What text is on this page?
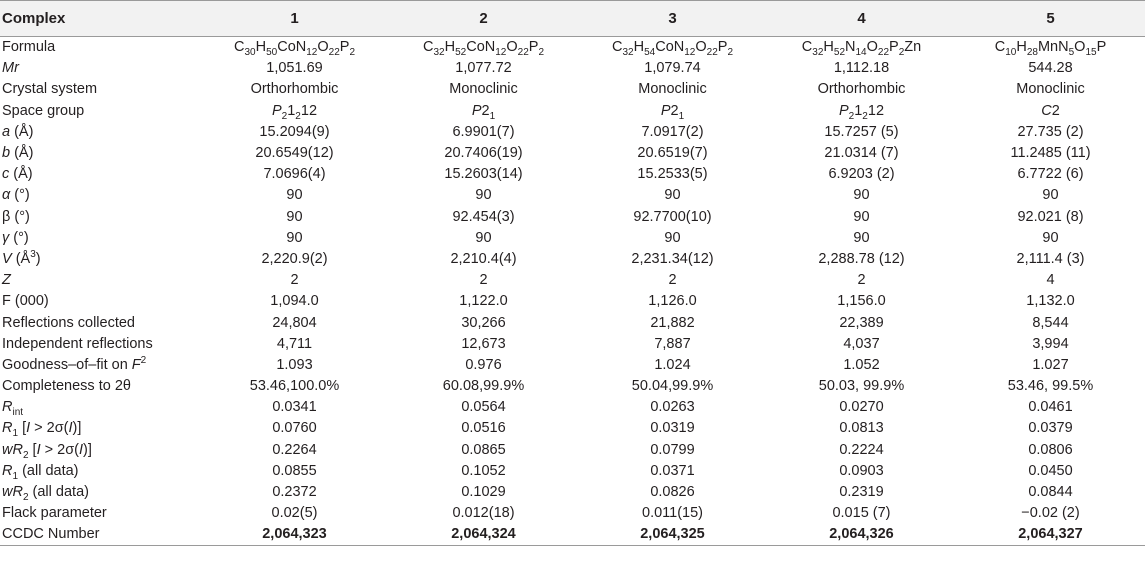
Complex	1	2	3	4	5
Formula	$C_{30}H_{50}CoN_{12}O_{22}P_2$	$C_{32}H_{52}CoN_{12}O_{22}P_2$	$C_{32}H_{54}CoN_{12}O_{22}P_2$	$C_{32}H_{52}N_{14}O_{22}P_2Zn$	$C_{10}H_{28}MnN_5O_{15}P$
Mr	1,051.69	1,077.72	1,079.74	1,112.18	544.28
Crystal system	Orthorhombic	Monoclinic	Monoclinic	Orthorhombic	Monoclinic
Space group	$P_21_212$	$P2_1$	$P2_1$	$P_21_212$	C2
a (Å)	15.2094(9)	6.9901(7)	7.0917(2)	15.7257 (5)	27.735 (2)
b (Å)	20.6549(12)	20.7406(19)	20.6519(7)	21.0314 (7)	11.2485 (11)
c (Å)	7.0696(4)	15.2603(14)	15.2533(5)	6.9203 (2)	6.7722 (6)
α (°)	90	90	90	90	90
β (°)	90	92.454(3)	92.7700(10)	90	92.021 (8)
γ (°)	90	90	90	90	90
V $(Å^3)$	2,220.9(2)	2,210.4(4)	2,231.34(12)	2,288.78 (12)	2,111.4 (3)
Z	2	2	2	2	4
F (000)	1,094.0	1,122.0	1,126.0	1,156.0	1,132.0
Reflections collected	24,804	30,266	21,882	22,389	8,544
Independent reflections	4,711	12,673	7,887	4,037	3,994
Goodness–of–fit on $F^2$	1.093	0.976	1.024	1.052	1.027
Completeness to 2θ	53.46,100.0%	60.08,99.9%	50.04,99.9%	50.03, 99.9%	53.46, 99.5%
$R_{int}$	0.0341	0.0564	0.0263	0.0270	0.0461
$R_1$ [I > 2σ(I)]	0.0760	0.0516	0.0319	0.0813	0.0379
$wR_2$ [I > 2σ(I)]	0.2264	0.0865	0.0799	0.2224	0.0806
$R_1$ (all data)	0.0855	0.1052	0.0371	0.0903	0.0450
$wR_2$ (all data)	0.2372	0.1029	0.0826	0.2319	0.0844
Flack parameter	0.02(5)	0.012(18)	0.011(15)	0.015 (7)	−0.02 (2)
CCDC Number	2,064,323	2,064,324	2,064,325	2,064,326	2,064,327
